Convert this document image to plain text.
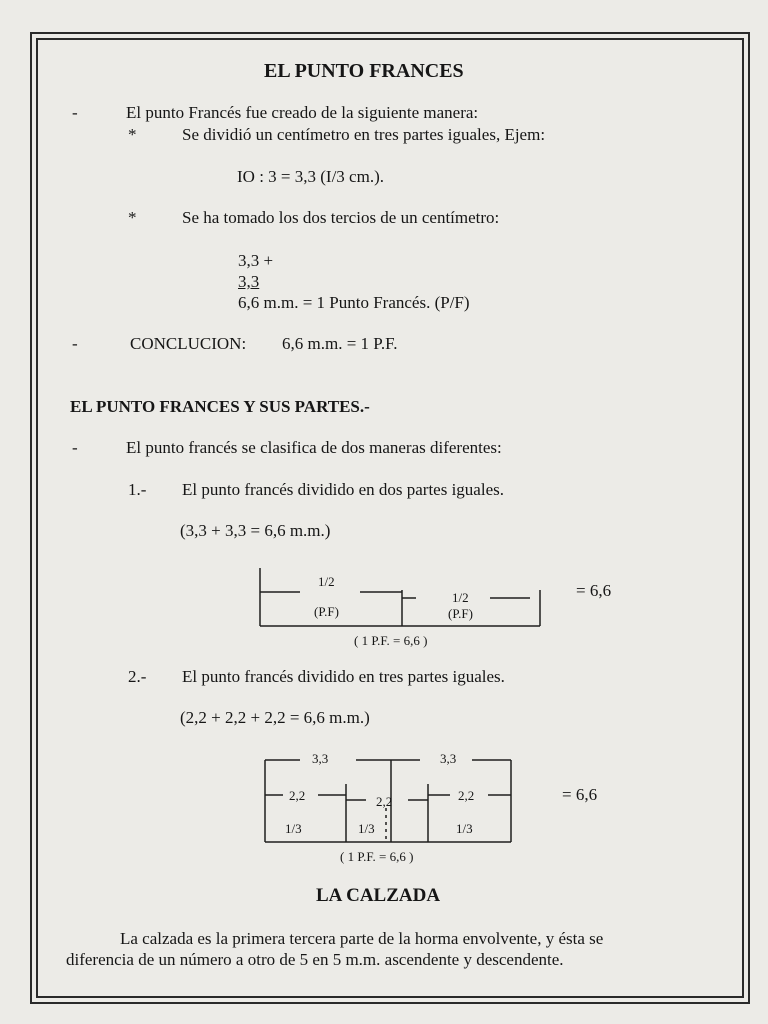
EL PUNTO FRANCES
-	El punto Francés fue creado de la siguiente manera:
*	Se dividió un centímetro en tres partes iguales, Ejem:
IO : 3 = 3,3 (I/3 cm.).
*	Se ha tomado los dos tercios de un centímetro:
3,3 +
3,3
6,6 m.m. = 1 Punto Francés. (P/F)
-	CONCLUCION: 6,6 m.m. = 1 P.F.
EL PUNTO FRANCES Y SUS PARTES.-
-	El punto francés se clasifica de dos maneras diferentes:
1.- El punto francés dividido en dos partes iguales.
(3,3 + 3,3 = 6,6 m.m.)
1/2
1/2
(P.F)	(P.F)
= 6,6
( 1 P.F. = 6,6 )
2.- El punto francés dividido en tres partes iguales.
(2,2 + 2,2 + 2,2 = 6,6 m.m.)
3,3	3,3
2,2	2,2	2,2
1/3	1/3	1/3
= 6,6
( 1 P.F. = 6,6 )
LA CALZADA
La calzada es la primera tercera parte de la horma envolvente, y ésta se
diferencia de un número a otro de 5 en 5 m.m. ascendente y descendente.
